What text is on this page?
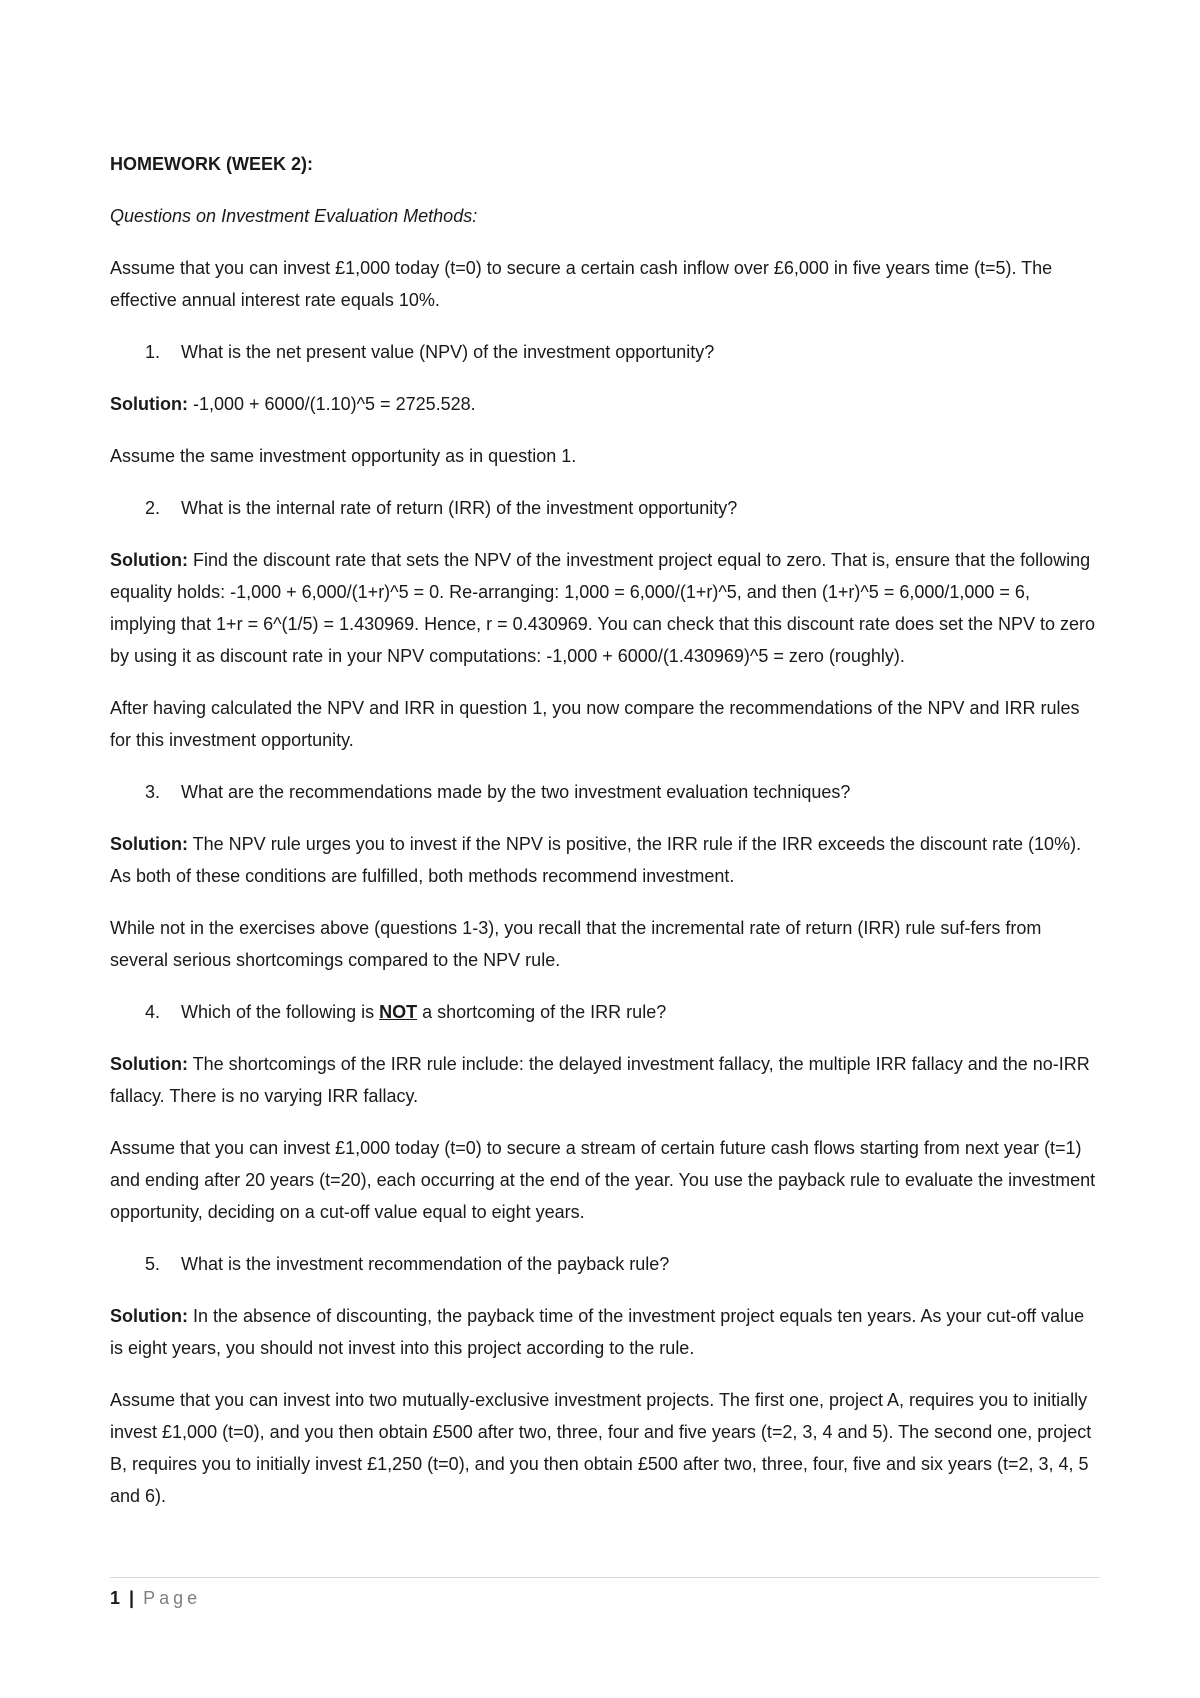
HOMEWORK (WEEK 2):

Questions on Investment Evaluation Methods:

Assume that you can invest £1,000 today (t=0) to secure a certain cash inflow over £6,000 in five years time (t=5). The effective annual interest rate equals 10%.

1.	What is the net present value (NPV) of the investment opportunity?

Solution: -1,000 + 6000/(1.10)^5 = 2725.528.

Assume the same investment opportunity as in question 1.

2.	What is the internal rate of return (IRR) of the investment opportunity?

Solution: Find the discount rate that sets the NPV of the investment project equal to zero. That is, ensure that the following equality holds: -1,000 + 6,000/(1+r)^5 = 0. Re-arranging: 1,000 = 6,000/(1+r)^5, and then (1+r)^5 = 6,000/1,000 = 6, implying that 1+r = 6^(1/5) = 1.430969. Hence, r = 0.430969. You can check that this discount rate does set the NPV to zero by using it as discount rate in your NPV computations: -1,000 + 6000/(1.430969)^5 = zero (roughly).

After having calculated the NPV and IRR in question 1, you now compare the recommendations of the NPV and IRR rules for this investment opportunity.

3.	What are the recommendations made by the two investment evaluation techniques?

Solution: The NPV rule urges you to invest if the NPV is positive, the IRR rule if the IRR exceeds the discount rate (10%). As both of these conditions are fulfilled, both methods recommend investment.

While not in the exercises above (questions 1-3), you recall that the incremental rate of return (IRR) rule suf-fers from several serious shortcomings compared to the NPV rule.

4.	Which of the following is NOT a shortcoming of the IRR rule?

Solution: The shortcomings of the IRR rule include: the delayed investment fallacy, the multiple IRR fallacy and the no-IRR fallacy. There is no varying IRR fallacy.

Assume that you can invest £1,000 today (t=0) to secure a stream of certain future cash flows starting from next year (t=1) and ending after 20 years (t=20), each occurring at the end of the year. You use the payback rule to evaluate the investment opportunity, deciding on a cut-off value equal to eight years.

5.	What is the investment recommendation of the payback rule?

Solution: In the absence of discounting, the payback time of the investment project equals ten years. As your cut-off value is eight years, you should not invest into this project according to the rule.

Assume that you can invest into two mutually-exclusive investment projects. The first one, project A, requires you to initially invest £1,000 (t=0), and you then obtain £500 after two, three, four and five years (t=2, 3, 4 and 5). The second one, project B, requires you to initially invest £1,250 (t=0), and you then obtain £500 after two, three, four, five and six years (t=2, 3, 4, 5 and 6).

1 | Page
